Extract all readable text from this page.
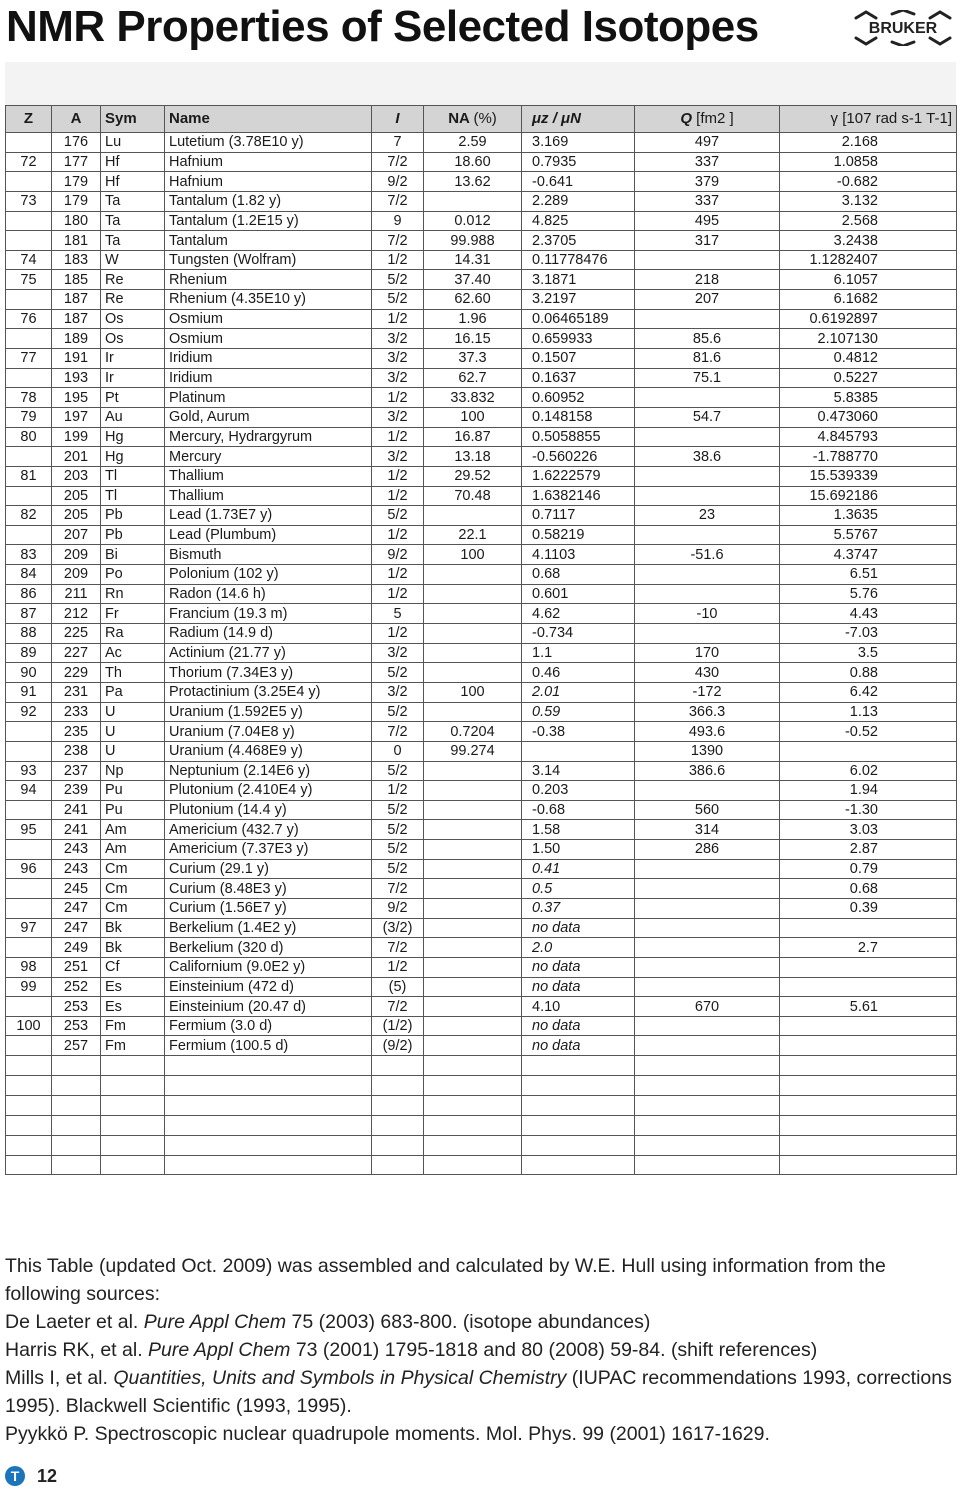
NMR Properties of Selected Isotopes	BRUKER
Z	A	Sym	Name	I	NA (%)	μz / μN	Q [fm2 ]	γ [107 rad s-1 T-1]
	176	Lu	Lutetium (3.78E10 y)	7	2.59	3.169	497	2.168
72	177	Hf	Hafnium	7/2	18.60	0.7935	337	1.0858
	179	Hf	Hafnium	9/2	13.62	-0.641	379	-0.682
73	179	Ta	Tantalum (1.82 y)	7/2		2.289	337	3.132
	180	Ta	Tantalum (1.2E15 y)	9	0.012	4.825	495	2.568
	181	Ta	Tantalum	7/2	99.988	2.3705	317	3.2438
74	183	W	Tungsten (Wolfram)	1/2	14.31	0.11778476		1.1282407
75	185	Re	Rhenium	5/2	37.40	3.1871	218	6.1057
	187	Re	Rhenium (4.35E10 y)	5/2	62.60	3.2197	207	6.1682
76	187	Os	Osmium	1/2	1.96	0.06465189		0.6192897
	189	Os	Osmium	3/2	16.15	0.659933	85.6	2.107130
77	191	Ir	Iridium	3/2	37.3	0.1507	81.6	0.4812
	193	Ir	Iridium	3/2	62.7	0.1637	75.1	0.5227
78	195	Pt	Platinum	1/2	33.832	0.60952		5.8385
79	197	Au	Gold, Aurum	3/2	100	0.148158	54.7	0.473060
80	199	Hg	Mercury, Hydrargyrum	1/2	16.87	0.5058855		4.845793
	201	Hg	Mercury	3/2	13.18	-0.560226	38.6	-1.788770
81	203	Tl	Thallium	1/2	29.52	1.6222579		15.539339
	205	Tl	Thallium	1/2	70.48	1.6382146		15.692186
82	205	Pb	Lead (1.73E7 y)	5/2		0.7117	23	1.3635
	207	Pb	Lead (Plumbum)	1/2	22.1	0.58219		5.5767
83	209	Bi	Bismuth	9/2	100	4.1103	-51.6	4.3747
84	209	Po	Polonium (102 y)	1/2		0.68		6.51
86	211	Rn	Radon (14.6 h)	1/2		0.601		5.76
87	212	Fr	Francium (19.3 m)	5		4.62	-10	4.43
88	225	Ra	Radium (14.9 d)	1/2		-0.734		-7.03
89	227	Ac	Actinium (21.77 y)	3/2		1.1	170	3.5
90	229	Th	Thorium (7.34E3 y)	5/2		0.46	430	0.88
91	231	Pa	Protactinium (3.25E4 y)	3/2	100	2.01	-172	6.42
92	233	U	Uranium (1.592E5 y)	5/2		0.59	366.3	1.13
	235	U	Uranium (7.04E8 y)	7/2	0.7204	-0.38	493.6	-0.52
	238	U	Uranium (4.468E9 y)	0	99.274		1390	
93	237	Np	Neptunium (2.14E6 y)	5/2		3.14	386.6	6.02
94	239	Pu	Plutonium (2.410E4 y)	1/2		0.203		1.94
	241	Pu	Plutonium (14.4 y)	5/2		-0.68	560	-1.30
95	241	Am	Americium (432.7 y)	5/2		1.58	314	3.03
	243	Am	Americium (7.37E3 y)	5/2		1.50	286	2.87
96	243	Cm	Curium (29.1 y)	5/2		0.41		0.79
	245	Cm	Curium (8.48E3 y)	7/2		0.5		0.68
	247	Cm	Curium (1.56E7 y)	9/2		0.37		0.39
97	247	Bk	Berkelium (1.4E2 y)	(3/2)		no data		
	249	Bk	Berkelium (320 d)	7/2		2.0		2.7
98	251	Cf	Californium (9.0E2 y)	1/2		no data		
99	252	Es	Einsteinium (472 d)	(5)		no data		
	253	Es	Einsteinium (20.47 d)	7/2		4.10	670	5.61
100	253	Fm	Fermium (3.0 d)	(1/2)		no data		
	257	Fm	Fermium (100.5 d)	(9/2)		no data		

This Table (updated Oct. 2009) was assembled and calculated by W.E. Hull using information from the following sources:

De Laeter et al. Pure Appl Chem 75 (2003) 683-800. (isotope abundances)

Harris RK, et al. Pure Appl Chem 73 (2001) 1795-1818 and 80 (2008) 59-84. (shift references)

Mills I, et al. Quantities, Units and Symbols in Physical Chemistry (IUPAC recommendations 1993, corrections 1995). Blackwell Scientific (1993, 1995).

Pyykkö P. Spectroscopic nuclear quadrupole moments. Mol. Phys. 99 (2001) 1617-1629.

T 12
